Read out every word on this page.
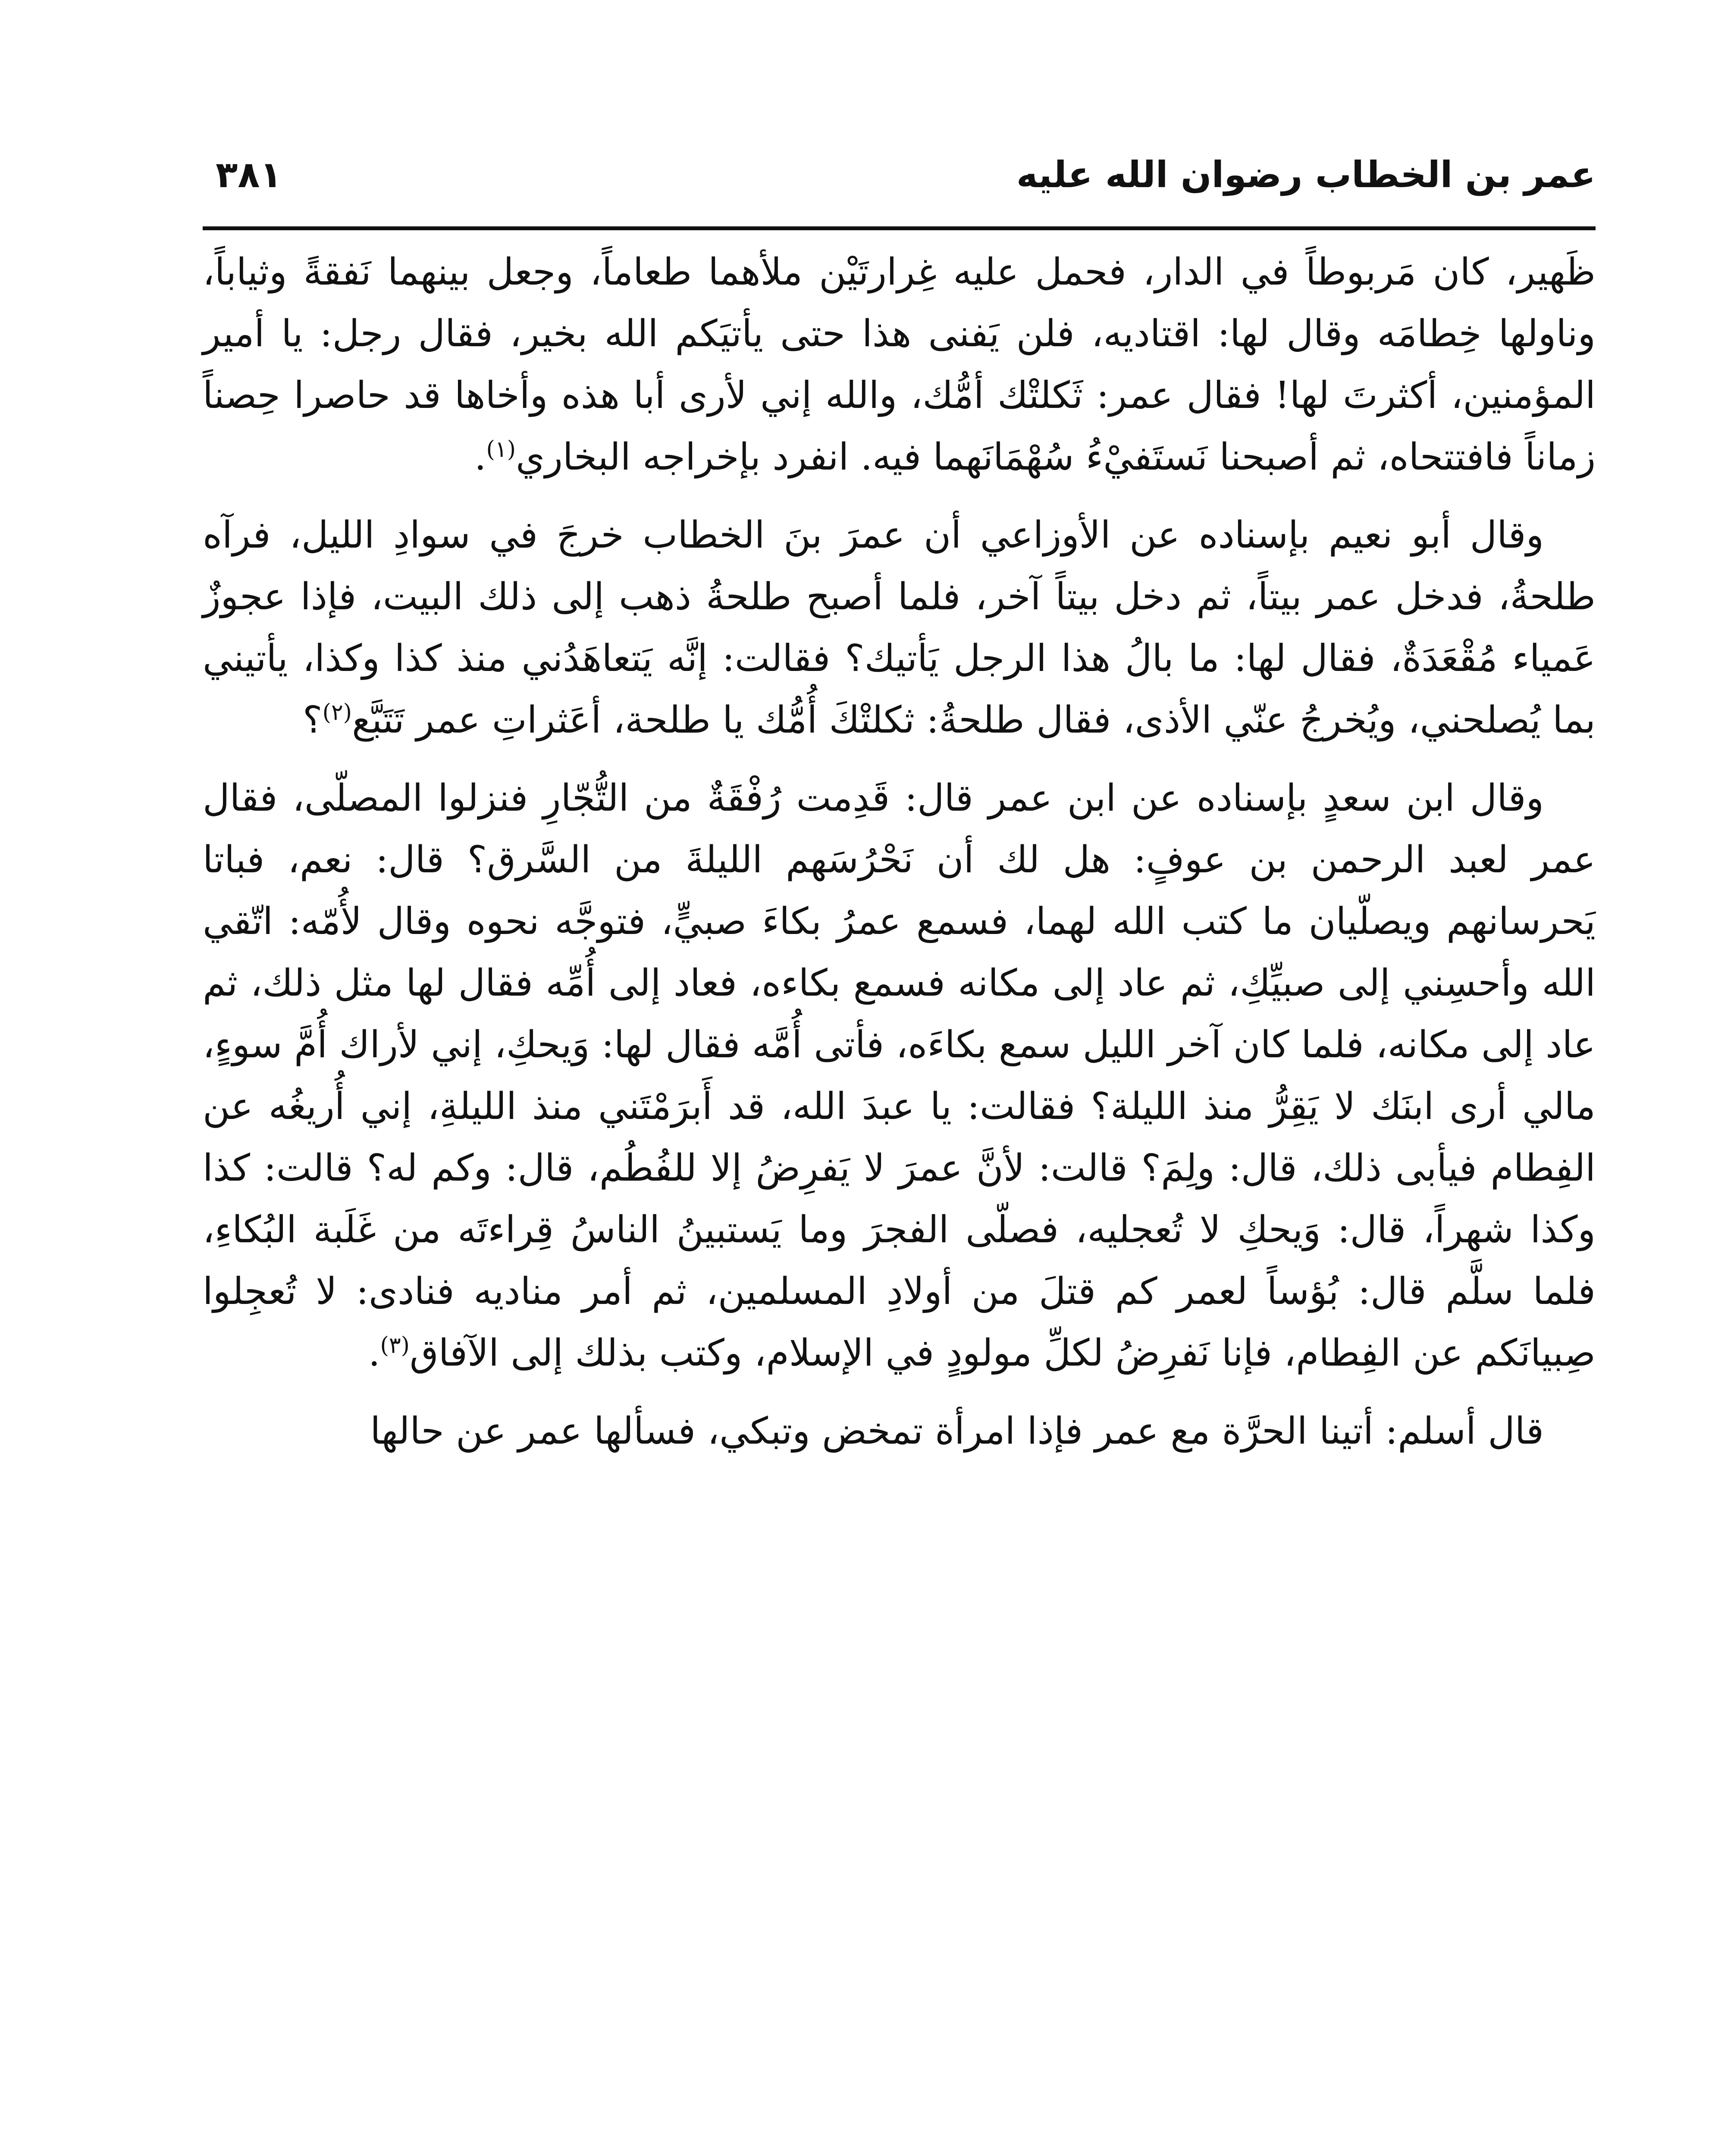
عمر بن الخطاب رضوان الله عليه
٣٨١

ظَهير، كان مَربوطاً في الدار، فحمل عليه غِرارتَيْن ملأهما طعاماً، وجعل بينهما نَفقةً وثياباً، وناولها خِطامَه وقال لها: اقتاديه، فلن يَفنى هذا حتى يأتيَكم الله بخير، فقال رجل: يا أمير المؤمنين، أكثرتَ لها! فقال عمر: ثَكلتْك أمُّك، والله إني لأرى أبا هذه وأخاها قد حاصرا حِصناً زماناً فافتتحاه، ثم أصبحنا نَستَفيْءُ سُهْمَانَهما فيه. انفرد بإخراجه البخاري$^{(١)}$.

وقال أبو نعيم بإسناده عن الأوزاعي أن عمرَ بنَ الخطاب خرجَ في سوادِ الليل، فرآه طلحةُ، فدخل عمر بيتاً، ثم دخل بيتاً آخر، فلما أصبح طلحةُ ذهب إلى ذلك البيت، فإذا عجوزٌ عَمياء مُقْعَدَةٌ، فقال لها: ما بالُ هذا الرجل يَأتيك؟ فقالت: إنَّه يَتعاهَدُني منذ كذا وكذا، يأتيني بما يُصلحني، ويُخرجُ عنّي الأذى، فقال طلحةُ: ثكلتْكَ أُمُّك يا طلحة، أعَثراتِ عمر تَتَبَّع$^{(٢)}$؟

وقال ابن سعدٍ بإسناده عن ابن عمر قال: قَدِمت رُفْقَةٌ من التُّجّارِ فنزلوا المصلّى، فقال عمر لعبد الرحمن بن عوفٍ: هل لك أن نَحْرُسَهم الليلةَ من السَّرق؟ قال: نعم، فباتا يَحرسانهم ويصلّيان ما كتب الله لهما، فسمع عمرُ بكاءَ صبيٍّ، فتوجَّه نحوه وقال لأُمّه: اتّقي الله وأحسِني إلى صبيِّكِ، ثم عاد إلى مكانه فسمع بكاءه، فعاد إلى أُمِّه فقال لها مثل ذلك، ثم عاد إلى مكانه، فلما كان آخر الليل سمع بكاءَه، فأتى أُمَّه فقال لها: وَيحكِ، إني لأراك أُمَّ سوءٍ، مالي أرى ابنَك لا يَقِرُّ منذ الليلة؟ فقالت: يا عبدَ الله، قد أَبرَمْتَني منذ الليلةِ، إني أُريغُه عن الفِطام فيأبى ذلك، قال: ولِمَ؟ قالت: لأنَّ عمرَ لا يَفرِضُ إلا للفُطُم، قال: وكم له؟ قالت: كذا وكذا شهراً، قال: وَيحكِ لا تُعجليه، فصلّى الفجرَ وما يَستبينُ الناسُ قِراءتَه من غَلَبة البُكاءِ، فلما سلَّم قال: بُؤساً لعمر كم قتلَ من أولادِ المسلمين، ثم أمر مناديه فنادى: لا تُعجِلوا صِبيانَكم عن الفِطام، فإنا نَفرِضُ لكلِّ مولودٍ في الإسلام، وكتب بذلك إلى الآفاق$^{(٣)}$.

قال أسلم: أتينا الحرَّة مع عمر فإذا امرأة تمخض وتبكي، فسألها عمر عن حالها
